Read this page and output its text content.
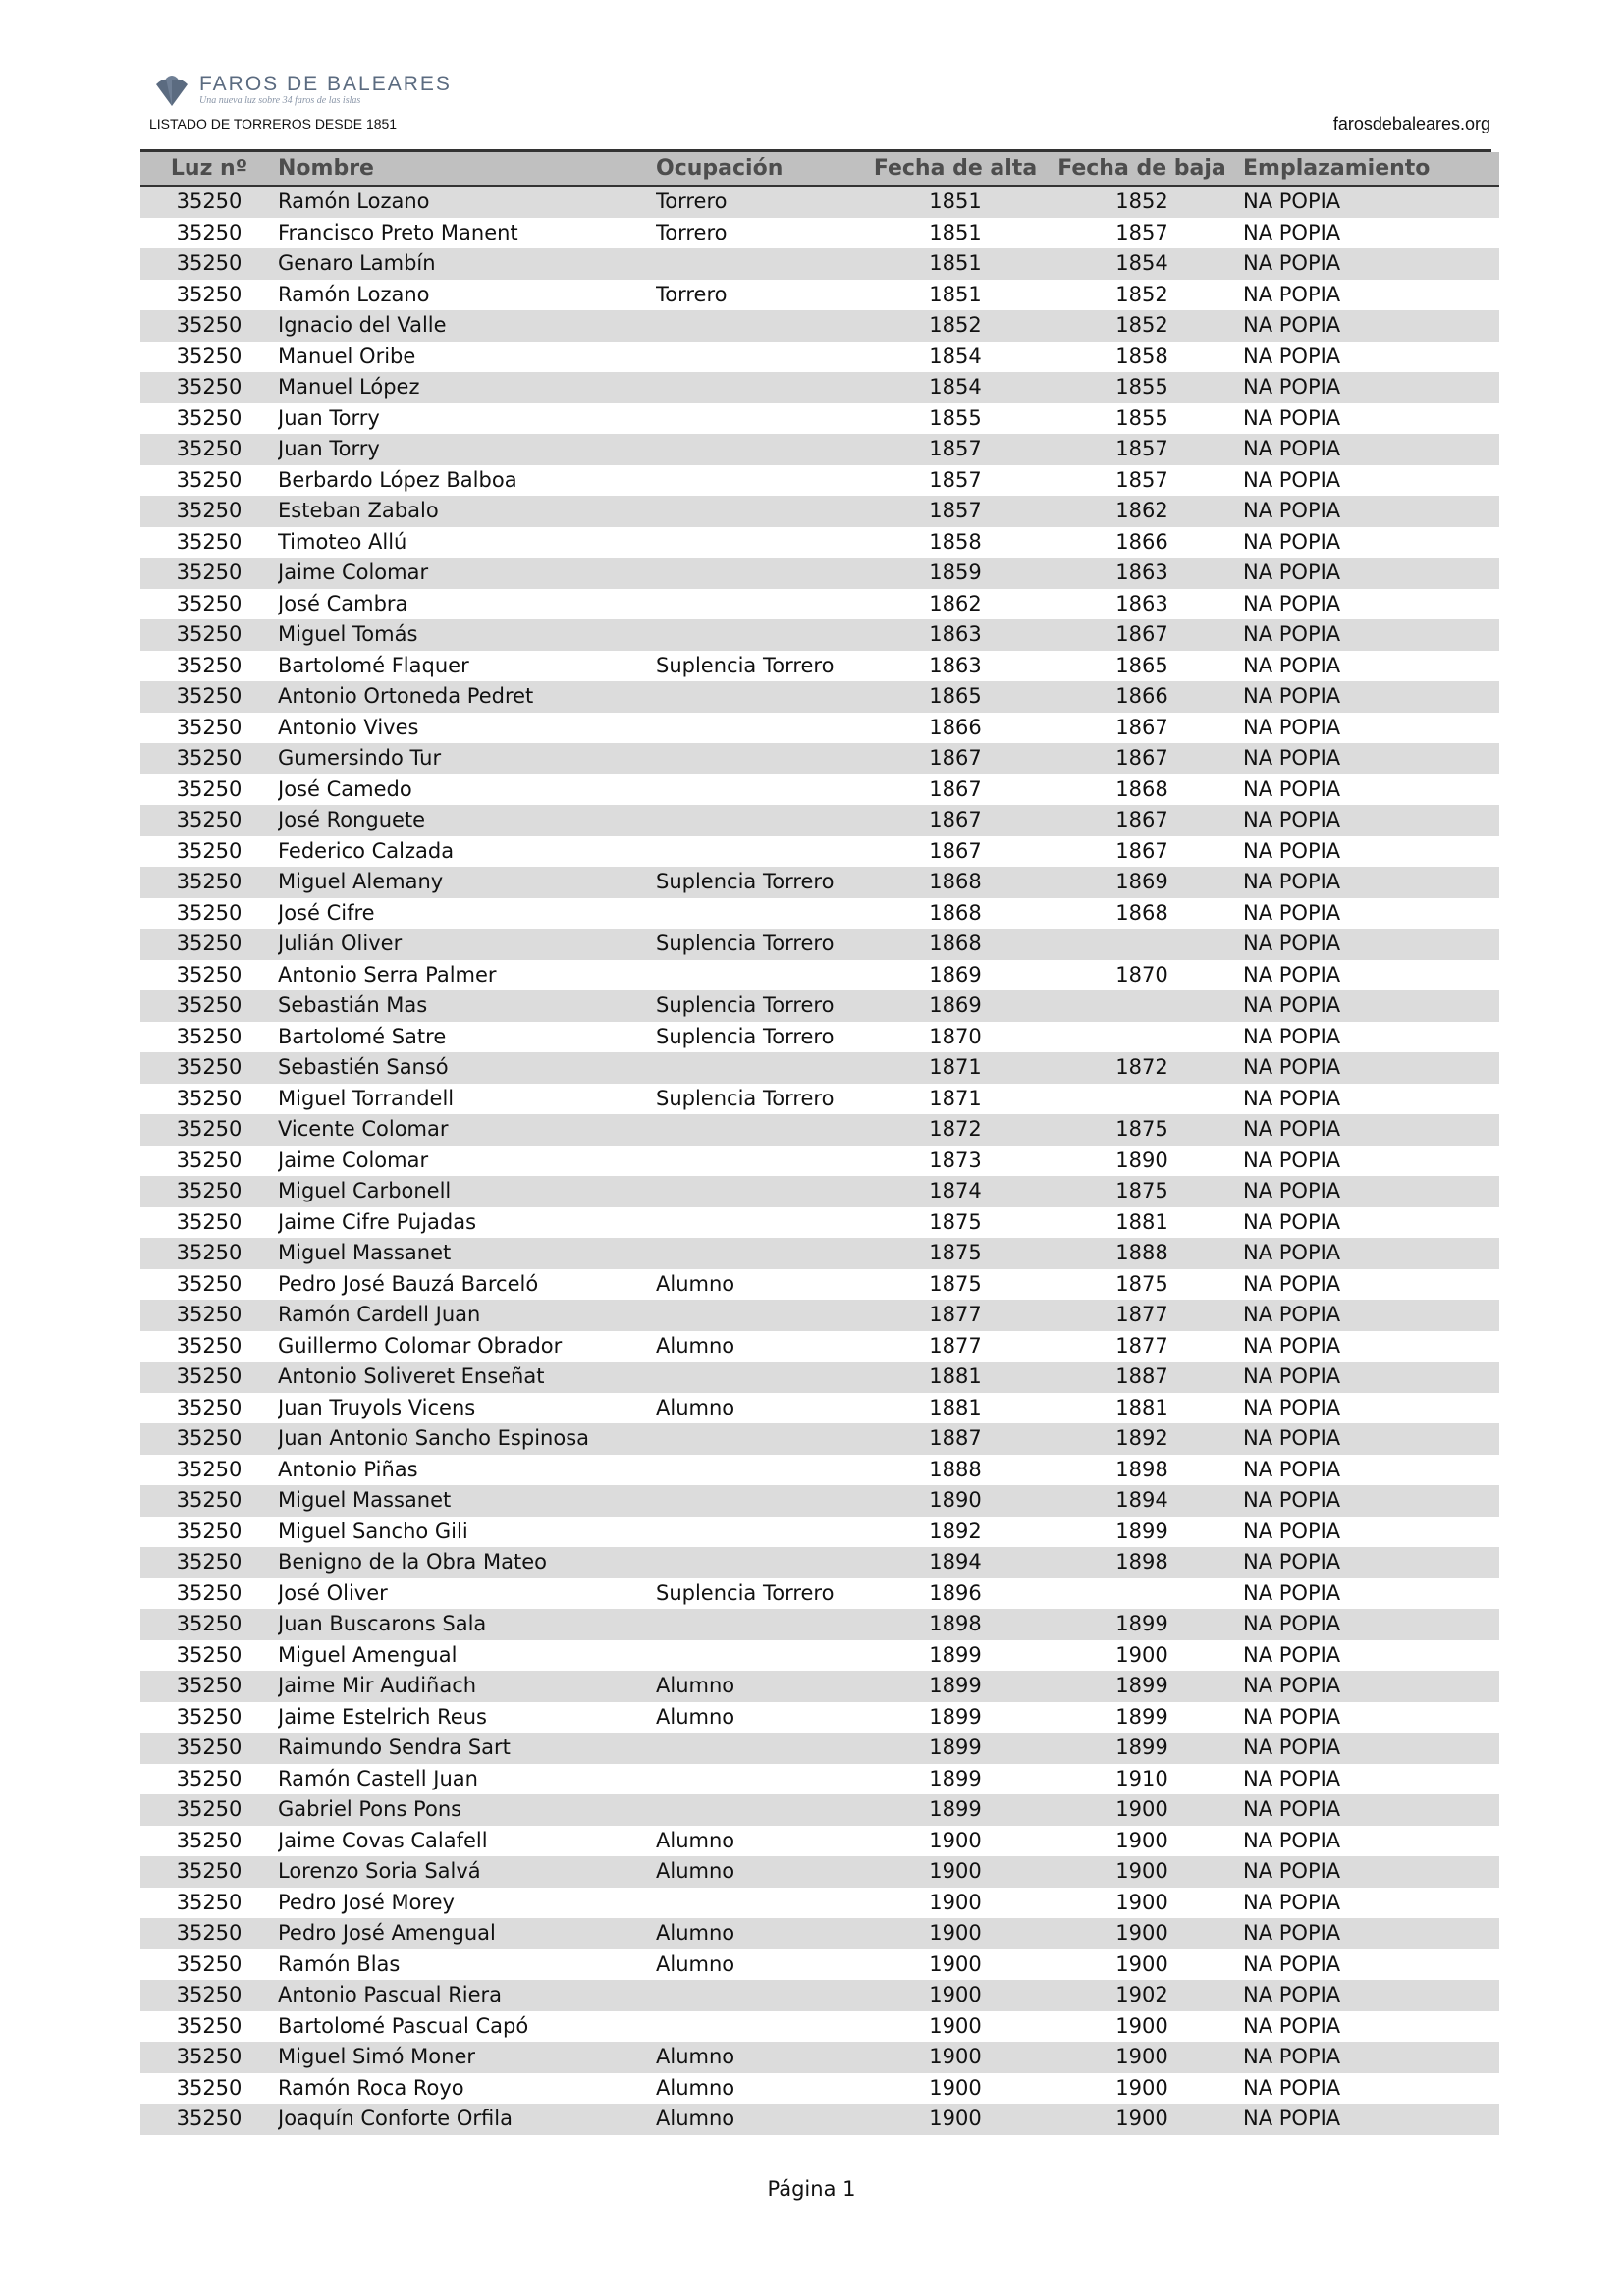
FAROS DE BALEARES
Una nueva luz sobre 34 faros de las islas
LISTADO DE TORREROS DESDE 1851	farosdebaleares.org
Luz nº	Nombre	Ocupación	Fecha de alta	Fecha de baja	Emplazamiento
35250	Ramón Lozano	Torrero	1851	1852	NA POPIA
35250	Francisco Preto Manent	Torrero	1851	1857	NA POPIA
35250	Genaro Lambín		1851	1854	NA POPIA
35250	Ramón Lozano	Torrero	1851	1852	NA POPIA
35250	Ignacio del Valle		1852	1852	NA POPIA
35250	Manuel Oribe		1854	1858	NA POPIA
35250	Manuel López		1854	1855	NA POPIA
35250	Juan Torry		1855	1855	NA POPIA
35250	Juan Torry		1857	1857	NA POPIA
35250	Berbardo López Balboa		1857	1857	NA POPIA
35250	Esteban Zabalo		1857	1862	NA POPIA
35250	Timoteo Allú		1858	1866	NA POPIA
35250	Jaime Colomar		1859	1863	NA POPIA
35250	José Cambra		1862	1863	NA POPIA
35250	Miguel Tomás		1863	1867	NA POPIA
35250	Bartolomé Flaquer	Suplencia Torrero	1863	1865	NA POPIA
35250	Antonio Ortoneda Pedret		1865	1866	NA POPIA
35250	Antonio Vives		1866	1867	NA POPIA
35250	Gumersindo Tur		1867	1867	NA POPIA
35250	José Camedo		1867	1868	NA POPIA
35250	José Ronguete		1867	1867	NA POPIA
35250	Federico Calzada		1867	1867	NA POPIA
35250	Miguel Alemany	Suplencia Torrero	1868	1869	NA POPIA
35250	José Cifre		1868	1868	NA POPIA
35250	Julián Oliver	Suplencia Torrero	1868		NA POPIA
35250	Antonio Serra Palmer		1869	1870	NA POPIA
35250	Sebastián Mas	Suplencia Torrero	1869		NA POPIA
35250	Bartolomé Satre	Suplencia Torrero	1870		NA POPIA
35250	Sebastién Sansó		1871	1872	NA POPIA
35250	Miguel Torrandell	Suplencia Torrero	1871		NA POPIA
35250	Vicente Colomar		1872	1875	NA POPIA
35250	Jaime Colomar		1873	1890	NA POPIA
35250	Miguel Carbonell		1874	1875	NA POPIA
35250	Jaime Cifre Pujadas		1875	1881	NA POPIA
35250	Miguel Massanet		1875	1888	NA POPIA
35250	Pedro José Bauzá Barceló	Alumno	1875	1875	NA POPIA
35250	Ramón Cardell Juan		1877	1877	NA POPIA
35250	Guillermo Colomar Obrador	Alumno	1877	1877	NA POPIA
35250	Antonio Soliveret Enseñat		1881	1887	NA POPIA
35250	Juan Truyols Vicens	Alumno	1881	1881	NA POPIA
35250	Juan Antonio Sancho Espinosa		1887	1892	NA POPIA
35250	Antonio Piñas		1888	1898	NA POPIA
35250	Miguel Massanet		1890	1894	NA POPIA
35250	Miguel Sancho Gili		1892	1899	NA POPIA
35250	Benigno de la Obra Mateo		1894	1898	NA POPIA
35250	José Oliver	Suplencia Torrero	1896		NA POPIA
35250	Juan Buscarons Sala		1898	1899	NA POPIA
35250	Miguel Amengual		1899	1900	NA POPIA
35250	Jaime Mir Audiñach	Alumno	1899	1899	NA POPIA
35250	Jaime Estelrich Reus	Alumno	1899	1899	NA POPIA
35250	Raimundo Sendra Sart		1899	1899	NA POPIA
35250	Ramón Castell Juan		1899	1910	NA POPIA
35250	Gabriel Pons Pons		1899	1900	NA POPIA
35250	Jaime Covas Calafell	Alumno	1900	1900	NA POPIA
35250	Lorenzo Soria Salvá	Alumno	1900	1900	NA POPIA
35250	Pedro José Morey		1900	1900	NA POPIA
35250	Pedro José Amengual	Alumno	1900	1900	NA POPIA
35250	Ramón Blas	Alumno	1900	1900	NA POPIA
35250	Antonio Pascual Riera		1900	1902	NA POPIA
35250	Bartolomé Pascual Capó		1900	1900	NA POPIA
35250	Miguel Simó Moner	Alumno	1900	1900	NA POPIA
35250	Ramón Roca Royo	Alumno	1900	1900	NA POPIA
35250	Joaquín Conforte Orfila	Alumno	1900	1900	NA POPIA
Página 1
